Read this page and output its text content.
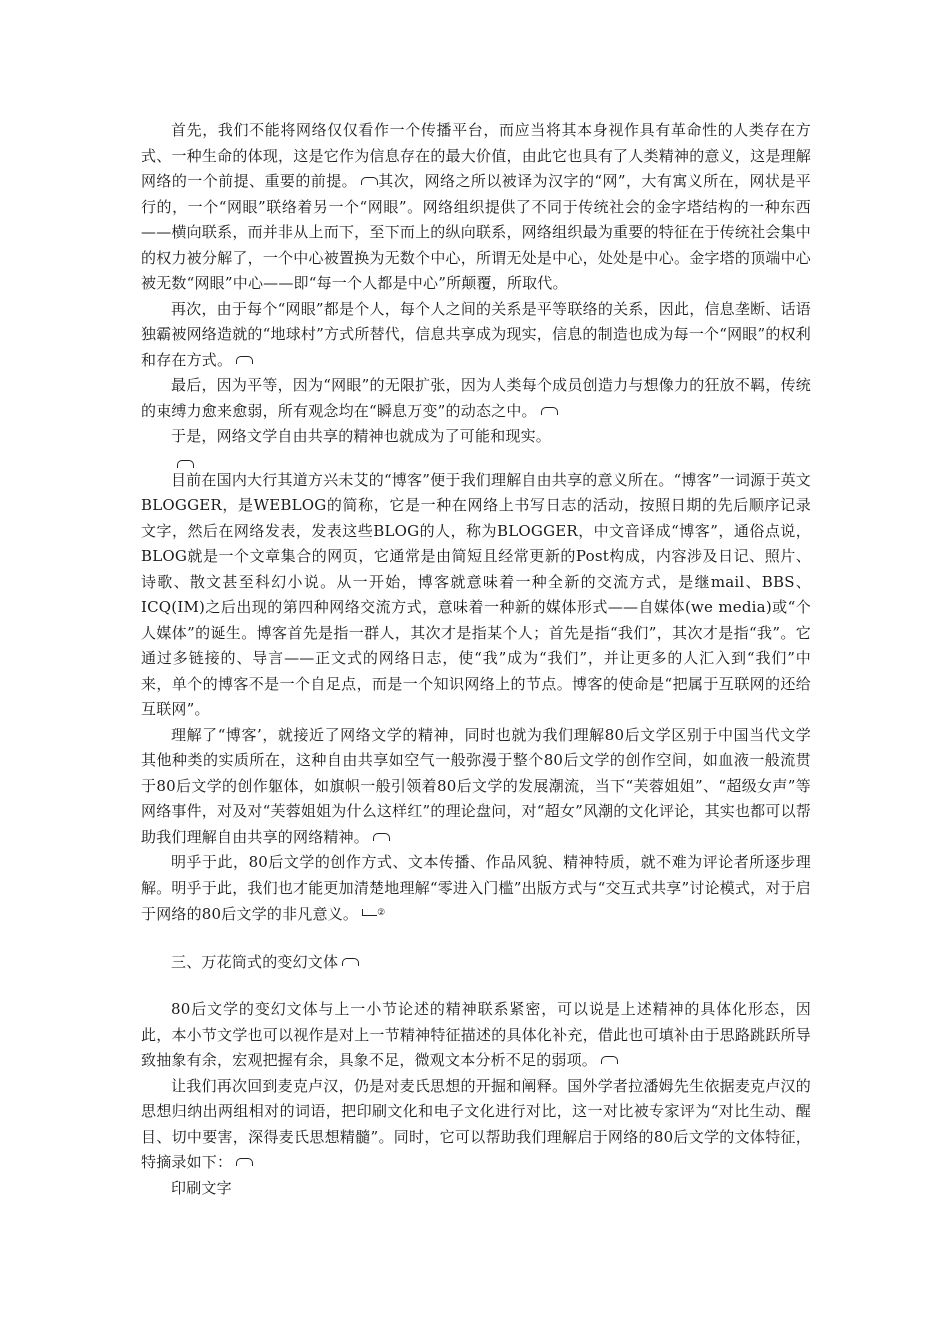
首先，我们不能将网络仅仅看作一个传播平台，而应当将其本身视作具有革命性的人类存在方式、一种生命的体现，这是它作为信息存在的最大价值，由此它也具有了人类精神的意义，这是理解网络的一个前提、重要的前提。 其次，网络之所以被译为汉字的“网”，大有寓义所在，网状是平行的，一个“网眼”联络着另一个“网眼”。网络组织提供了不同于传统社会的金字塔结构的一种东西——横向联系，而并非从上而下，至下而上的纵向联系，网络组织最为重要的特征在于传统社会集中的权力被分解了，一个中心被置换为无数个中心，所谓无处是中心，处处是中心。金字塔的顶端中心被无数“网眼”中心——即“每一个人都是中心”所颠覆，所取代。

再次，由于每个“网眼”都是个人，每个人之间的关系是平等联络的关系，因此，信息垄断、话语独霸被网络造就的“地球村”方式所替代，信息共享成为现实，信息的制造也成为每一个“网眼”的权利和存在方式。

最后，因为平等，因为“网眼”的无限扩张，因为人类每个成员创造力与想像力的狂放不羁，传统的束缚力愈来愈弱，所有观念均在“瞬息万变”的动态之中。

于是，网络文学自由共享的精神也就成为了可能和现实。

目前在国内大行其道方兴未艾的“博客”便于我们理解自由共享的意义所在。“博客”一词源于英文BLOGGER，是WEBLOG的简称，它是一种在网络上书写日志的活动，按照日期的先后顺序记录文字，然后在网络发表，发表这些BLOG的人，称为BLOGGER，中文音译成“博客”，通俗点说，BLOG就是一个文章集合的网页，它通常是由简短且经常更新的Post构成，内容涉及日记、照片、诗歌、散文甚至科幻小说。从一开始，博客就意味着一种全新的交流方式，是继mail、BBS、ICQ(IM)之后出现的第四种网络交流方式，意味着一种新的媒体形式——自媒体(we media)或“个人媒体”的诞生。博客首先是指一群人，其次才是指某个人；首先是指“我们”，其次才是指“我”。它通过多链接的、导言——正文式的网络日志，使“我”成为“我们”，并让更多的人汇入到“我们”中来，单个的博客不是一个自足点，而是一个知识网络上的节点。博客的使命是“把属于互联网的还给互联网”。

理解了“博客’，就接近了网络文学的精神，同时也就为我们理解80后文学区别于中国当代文学其他种类的实质所在，这种自由共享如空气一般弥漫于整个80后文学的创作空间，如血液一般流贯于80后文学的创作躯体，如旗帜一般引领着80后文学的发展潮流，当下“芙蓉姐姐”、“超级女声”等网络事件，对及对“芙蓉姐姐为什么这样红”的理论盘问，对“超女”风潮的文化评论，其实也都可以帮助我们理解自由共享的网络精神。

明乎于此，80后文学的创作方式、文本传播、作品风貌、精神特质，就不难为评论者所逐步理解。明乎于此，我们也才能更加清楚地理解“零进入门槛”出版方式与“交互式共享”讨论模式，对于启于网络的80后文学的非凡意义。 ②

三、万花筒式的变幻文体

80后文学的变幻文体与上一小节论述的精神联系紧密，可以说是上述精神的具体化形态，因此，本小节文学也可以视作是对上一节精神特征描述的具体化补充，借此也可填补由于思路跳跃所导致抽象有余，宏观把握有余，具象不足，微观文本分析不足的弱项。

让我们再次回到麦克卢汉，仍是对麦氏思想的开掘和阐释。国外学者拉潘姆先生依据麦克卢汉的思想归纳出两组相对的词语，把印刷文化和电子文化进行对比，这一对比被专家评为“对比生动、醒目、切中要害，深得麦氏思想精髓”。同时，它可以帮助我们理解启于网络的80后文学的文体特征，特摘录如下：

印刷文字
